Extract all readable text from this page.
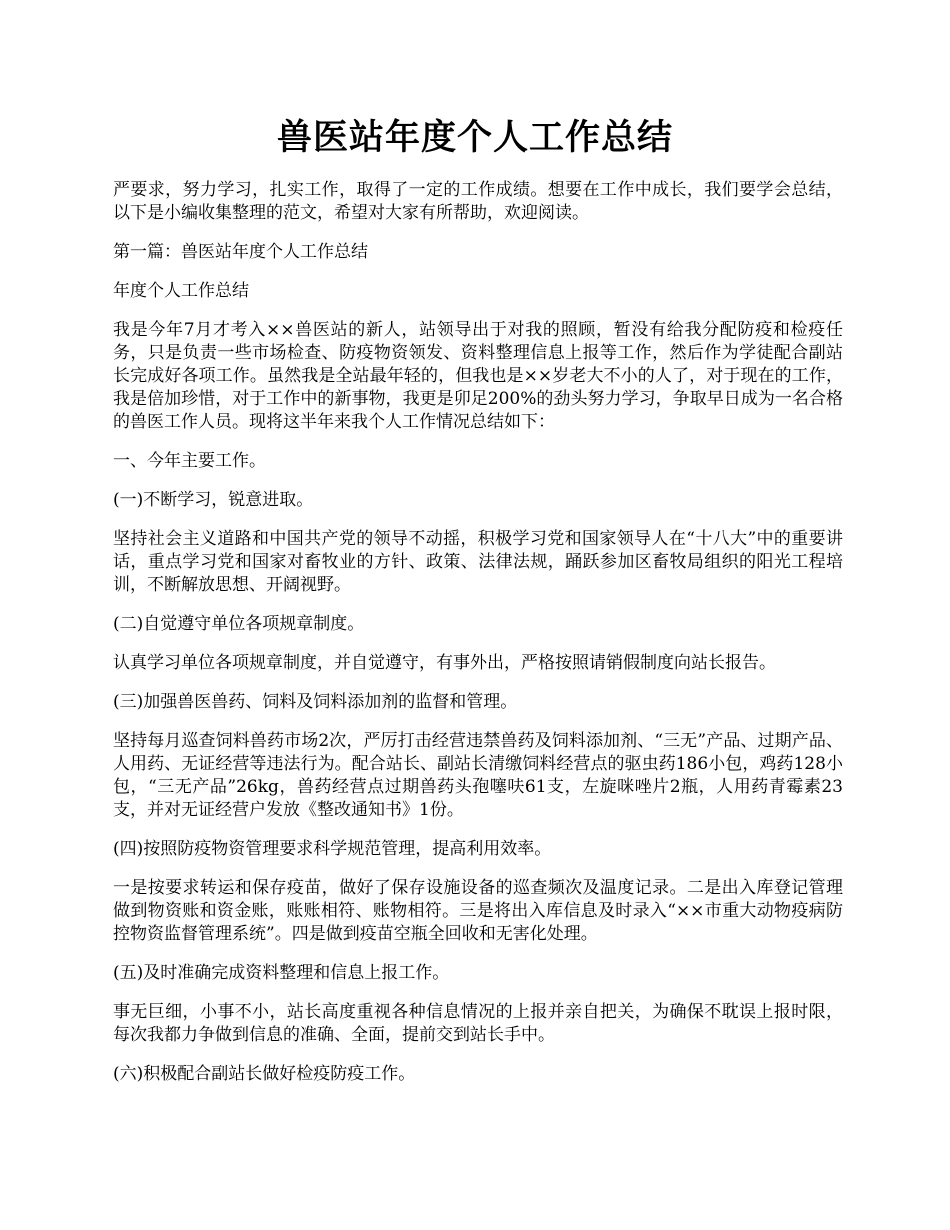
兽医站年度个人工作总结

严要求，努力学习，扎实工作，取得了一定的工作成绩。想要在工作中成长，我们要学会总结，以下是小编收集整理的范文，希望对大家有所帮助，欢迎阅读。

第一篇：兽医站年度个人工作总结

年度个人工作总结

我是今年7月才考入××兽医站的新人，站领导出于对我的照顾，暂没有给我分配防疫和检疫任务，只是负责一些市场检查、防疫物资领发、资料整理信息上报等工作，然后作为学徒配合副站长完成好各项工作。虽然我是全站最年轻的，但我也是××岁老大不小的人了，对于现在的工作，我是倍加珍惜，对于工作中的新事物，我更是卯足200%的劲头努力学习，争取早日成为一名合格的兽医工作人员。现将这半年来我个人工作情况总结如下：

一、今年主要工作。

(一)不断学习，锐意进取。

坚持社会主义道路和中国共产党的领导不动摇，积极学习党和国家领导人在“十八大”中的重要讲话，重点学习党和国家对畜牧业的方针、政策、法律法规，踊跃参加区畜牧局组织的阳光工程培训，不断解放思想、开阔视野。

(二)自觉遵守单位各项规章制度。

认真学习单位各项规章制度，并自觉遵守，有事外出，严格按照请销假制度向站长报告。

(三)加强兽医兽药、饲料及饲料添加剂的监督和管理。

坚持每月巡查饲料兽药市场2次，严厉打击经营违禁兽药及饲料添加剂、“三无”产品、过期产品、人用药、无证经营等违法行为。配合站长、副站长清缴饲料经营点的驱虫药186小包，鸡药128小包，“三无产品”26kg，兽药经营点过期兽药头孢噻呋61支，左旋咪唑片2瓶，人用药青霉素23支，并对无证经营户发放《整改通知书》1份。

(四)按照防疫物资管理要求科学规范管理，提高利用效率。

一是按要求转运和保存疫苗，做好了保存设施设备的巡查频次及温度记录。二是出入库登记管理做到物资账和资金账，账账相符、账物相符。三是将出入库信息及时录入“××市重大动物疫病防控物资监督管理系统”。四是做到疫苗空瓶全回收和无害化处理。

(五)及时准确完成资料整理和信息上报工作。

事无巨细，小事不小，站长高度重视各种信息情况的上报并亲自把关，为确保不耽误上报时限，每次我都力争做到信息的准确、全面，提前交到站长手中。

(六)积极配合副站长做好检疫防疫工作。
